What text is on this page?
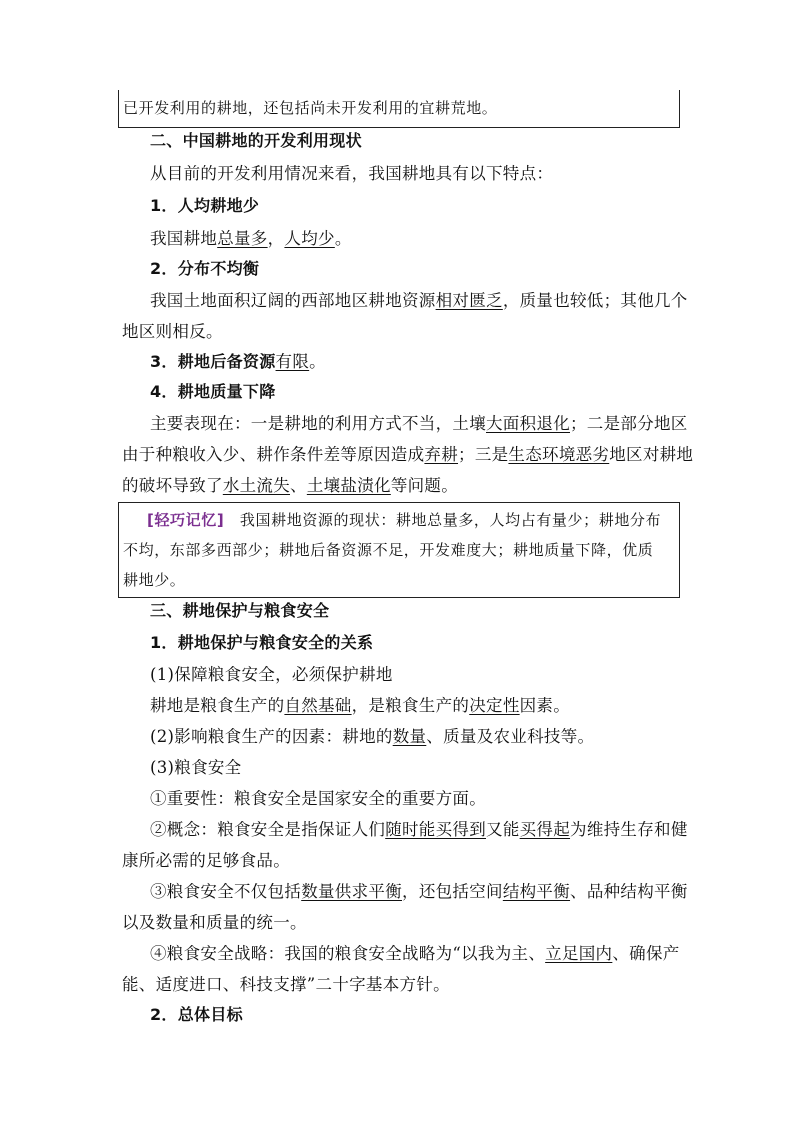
已开发利用的耕地，还包括尚未开发利用的宜耕荒地。
二、中国耕地的开发利用现状
从目前的开发利用情况来看，我国耕地具有以下特点：
1．人均耕地少
我国耕地总量多，人均少。
2．分布不均衡
我国土地面积辽阔的西部地区耕地资源相对匮乏，质量也较低；其他几个
地区则相反。
3．耕地后备资源有限。
4．耕地质量下降
主要表现在：一是耕地的利用方式不当，土壤大面积退化；二是部分地区
由于种粮收入少、耕作条件差等原因造成弃耕；三是生态环境恶劣地区对耕地
的破坏导致了水土流失、土壤盐渍化等问题。
[轻巧记忆]　我国耕地资源的现状：耕地总量多，人均占有量少；耕地分布
不均，东部多西部少；耕地后备资源不足，开发难度大；耕地质量下降，优质
耕地少。
三、耕地保护与粮食安全
1．耕地保护与粮食安全的关系
(1)保障粮食安全，必须保护耕地
耕地是粮食生产的自然基础，是粮食生产的决定性因素。
(2)影响粮食生产的因素：耕地的数量、质量及农业科技等。
(3)粮食安全
①重要性：粮食安全是国家安全的重要方面。
②概念：粮食安全是指保证人们随时能买得到又能买得起为维持生存和健
康所必需的足够食品。
③粮食安全不仅包括数量供求平衡，还包括空间结构平衡、品种结构平衡
以及数量和质量的统一。
④粮食安全战略：我国的粮食安全战略为“以我为主、立足国内、确保产
能、适度进口、科技支撑”二十字基本方针。
2．总体目标
